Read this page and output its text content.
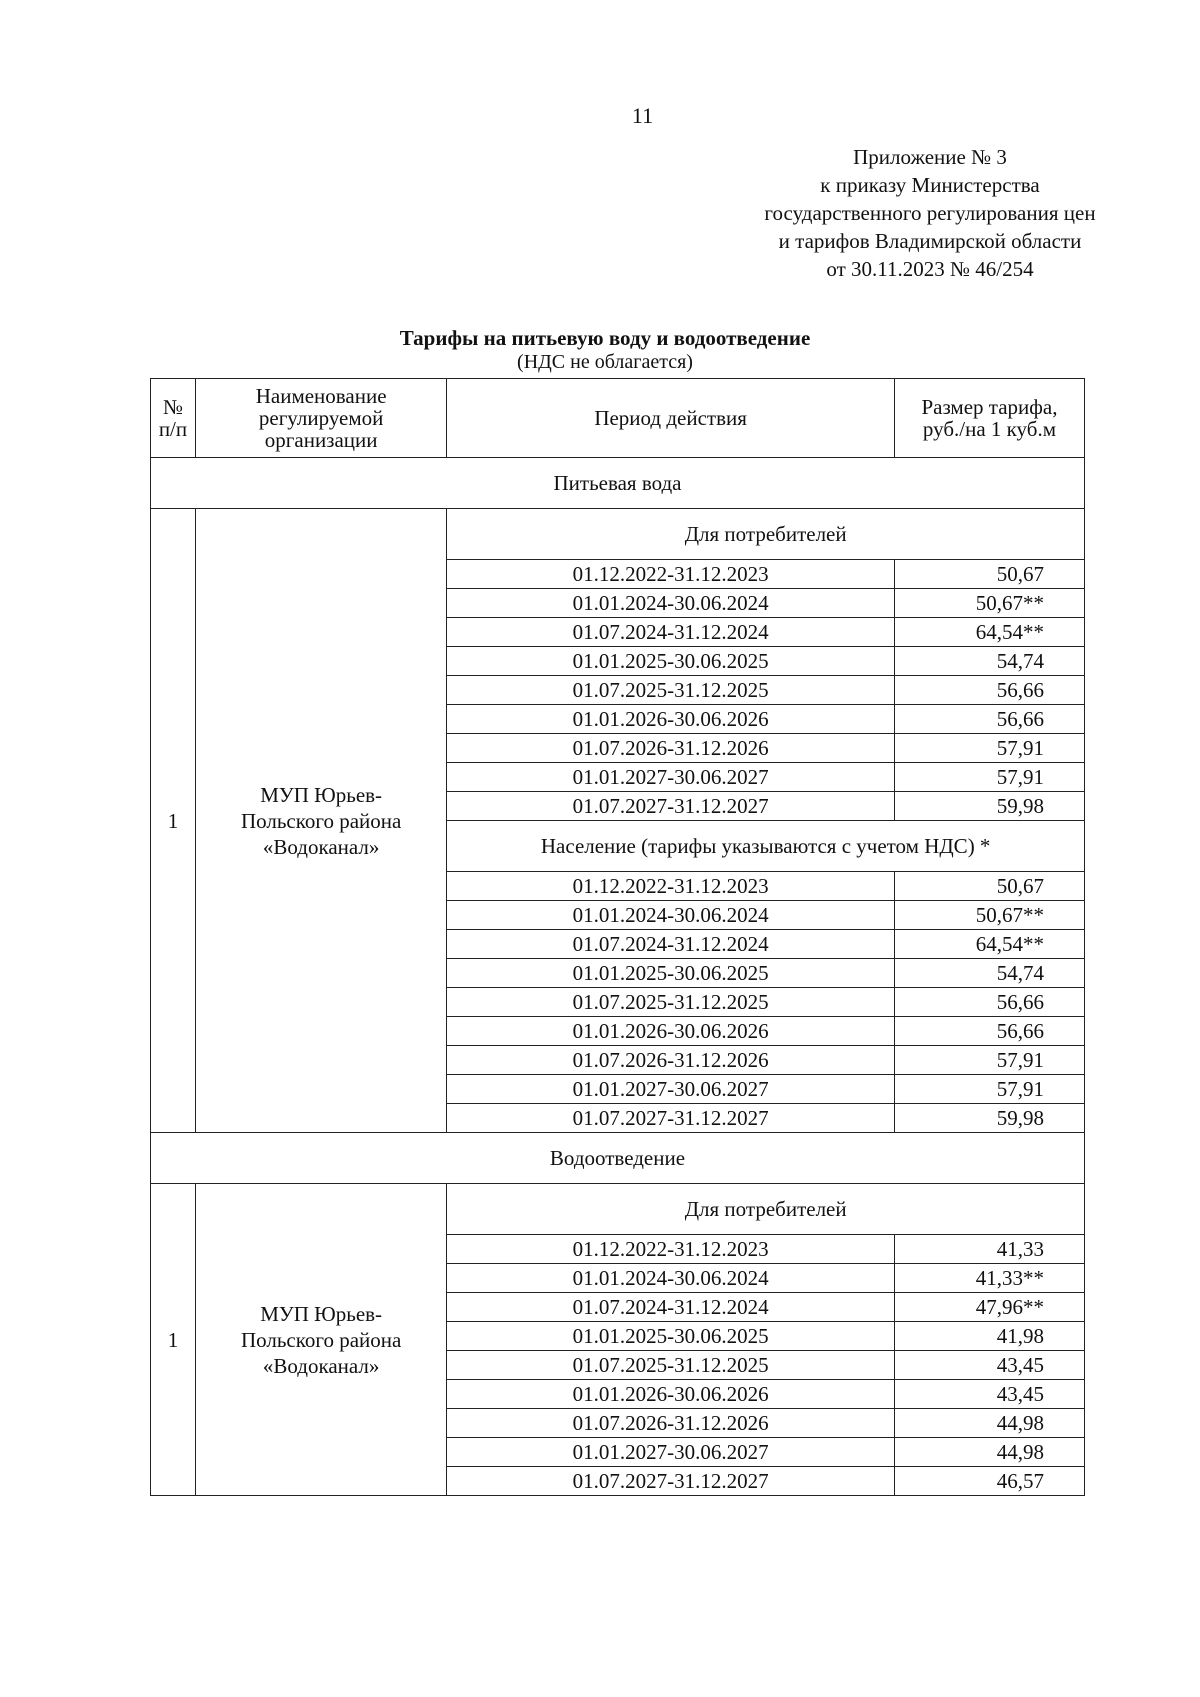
11
Приложение № 3
к приказу Министерства
государственного регулирования цен
и тарифов Владимирской области
от 30.11.2023 № 46/254
Тарифы на питьевую воду и водоотведение
(НДС не облагается)
№ п/п	Наименование регулируемой организации	Период действия	Размер тарифа, руб./на 1 куб.м
Питьевая вода			
1	МУП Юрьев-
Польского района
«Водоканал»	Для потребителей	
		01.12.2022-31.12.2023	50,67
		01.01.2024-30.06.2024	50,67**
		01.07.2024-31.12.2024	64,54**
		01.01.2025-30.06.2025	54,74
		01.07.2025-31.12.2025	56,66
		01.01.2026-30.06.2026	56,66
		01.07.2026-31.12.2026	57,91
		01.01.2027-30.06.2027	57,91
		01.07.2027-31.12.2027	59,98
		Население (тарифы указываются с учетом НДС) *	
		01.12.2022-31.12.2023	50,67
		01.01.2024-30.06.2024	50,67**
		01.07.2024-31.12.2024	64,54**
		01.01.2025-30.06.2025	54,74
		01.07.2025-31.12.2025	56,66
		01.01.2026-30.06.2026	56,66
		01.07.2026-31.12.2026	57,91
		01.01.2027-30.06.2027	57,91
		01.07.2027-31.12.2027	59,98
Водоотведение			
1	МУП Юрьев-
Польского района
«Водоканал»	Для потребителей	
		01.12.2022-31.12.2023	41,33
		01.01.2024-30.06.2024	41,33**
		01.07.2024-31.12.2024	47,96**
		01.01.2025-30.06.2025	41,98
		01.07.2025-31.12.2025	43,45
		01.01.2026-30.06.2026	43,45
		01.07.2026-31.12.2026	44,98
		01.01.2027-30.06.2027	44,98
		01.07.2027-31.12.2027	46,57
